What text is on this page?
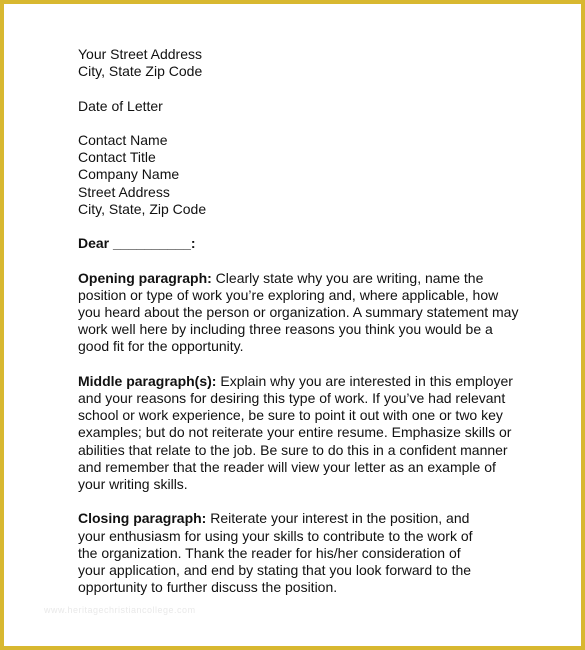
Your Street Address
City, State Zip Code
Date of Letter
Contact Name
Contact Title
Company Name
Street Address
City, State, Zip Code
Dear __________:
Opening paragraph: Clearly state why you are writing, name the
position or type of work you’re exploring and, where applicable, how
you heard about the person or organization. A summary statement may
work well here by including three reasons you think you would be a
good fit for the opportunity.
Middle paragraph(s): Explain why you are interested in this employer
and your reasons for desiring this type of work. If you’ve had relevant
school or work experience, be sure to point it out with one or two key
examples; but do not reiterate your entire resume. Emphasize skills or
abilities that relate to the job. Be sure to do this in a confident manner
and remember that the reader will view your letter as an example of
your writing skills.
Closing paragraph: Reiterate your interest in the position, and
your enthusiasm for using your skills to contribute to the work of
the organization. Thank the reader for his/her consideration of
your application, and end by stating that you look forward to the
opportunity to further discuss the position.
www.heritagechristiancollege.com
